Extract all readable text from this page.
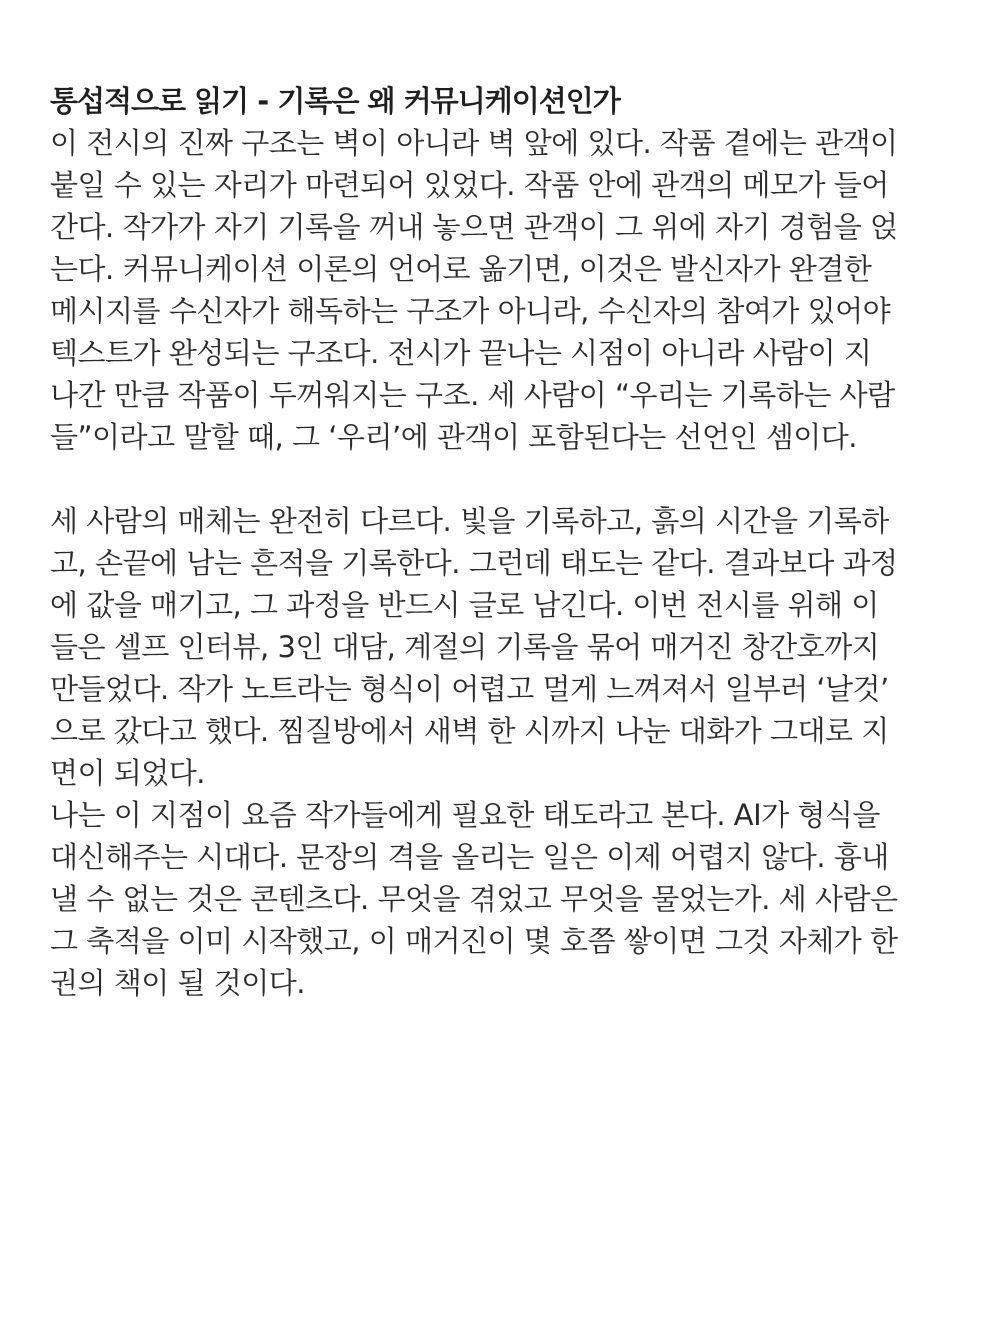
통섭적으로 읽기 - 기록은 왜 커뮤니케이션인가
이 전시의 진짜 구조는 벽이 아니라 벽 앞에 있다. 작품 곁에는 관객이
붙일 수 있는 자리가 마련되어 있었다. 작품 안에 관객의 메모가 들어
간다. 작가가 자기 기록을 꺼내 놓으면 관객이 그 위에 자기 경험을 얹
는다. 커뮤니케이션 이론의 언어로 옮기면, 이것은 발신자가 완결한
메시지를 수신자가 해독하는 구조가 아니라, 수신자의 참여가 있어야
텍스트가 완성되는 구조다. 전시가 끝나는 시점이 아니라 사람이 지
나간 만큼 작품이 두꺼워지는 구조. 세 사람이 “우리는 기록하는 사람
들”이라고 말할 때, 그 ‘우리’에 관객이 포함된다는 선언인 셈이다.
세 사람의 매체는 완전히 다르다. 빛을 기록하고, 흙의 시간을 기록하
고, 손끝에 남는 흔적을 기록한다. 그런데 태도는 같다. 결과보다 과정
에 값을 매기고, 그 과정을 반드시 글로 남긴다. 이번 전시를 위해 이
들은 셀프 인터뷰, 3인 대담, 계절의 기록을 묶어 매거진 창간호까지
만들었다. 작가 노트라는 형식이 어렵고 멀게 느껴져서 일부러 ‘날것’
으로 갔다고 했다. 찜질방에서 새벽 한 시까지 나눈 대화가 그대로 지
면이 되었다.
나는 이 지점이 요즘 작가들에게 필요한 태도라고 본다. AI가 형식을
대신해주는 시대다. 문장의 격을 올리는 일은 이제 어렵지 않다. 흉내
낼 수 없는 것은 콘텐츠다. 무엇을 겪었고 무엇을 물었는가. 세 사람은
그 축적을 이미 시작했고, 이 매거진이 몇 호쯤 쌓이면 그것 자체가 한
권의 책이 될 것이다.
